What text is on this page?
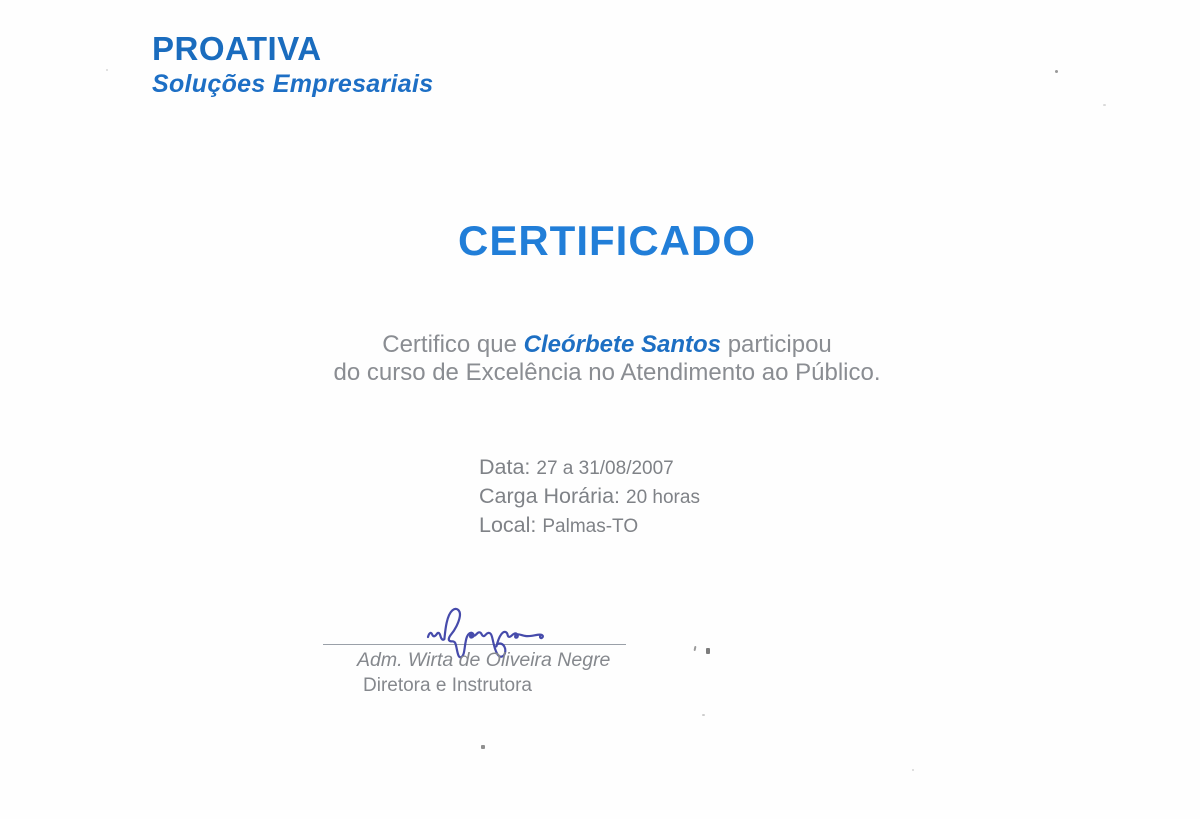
PROATIVA
Soluções Empresariais
CERTIFICADO

Certifico que Cleórbete Santos participou
do curso de Excelência no Atendimento ao Público.

Data: 27 a 31/08/2007
Carga Horária: 20 horas
Local: Palmas-TO
Adm. Wirta de Oliveira Negre
Diretora e Instrutora
